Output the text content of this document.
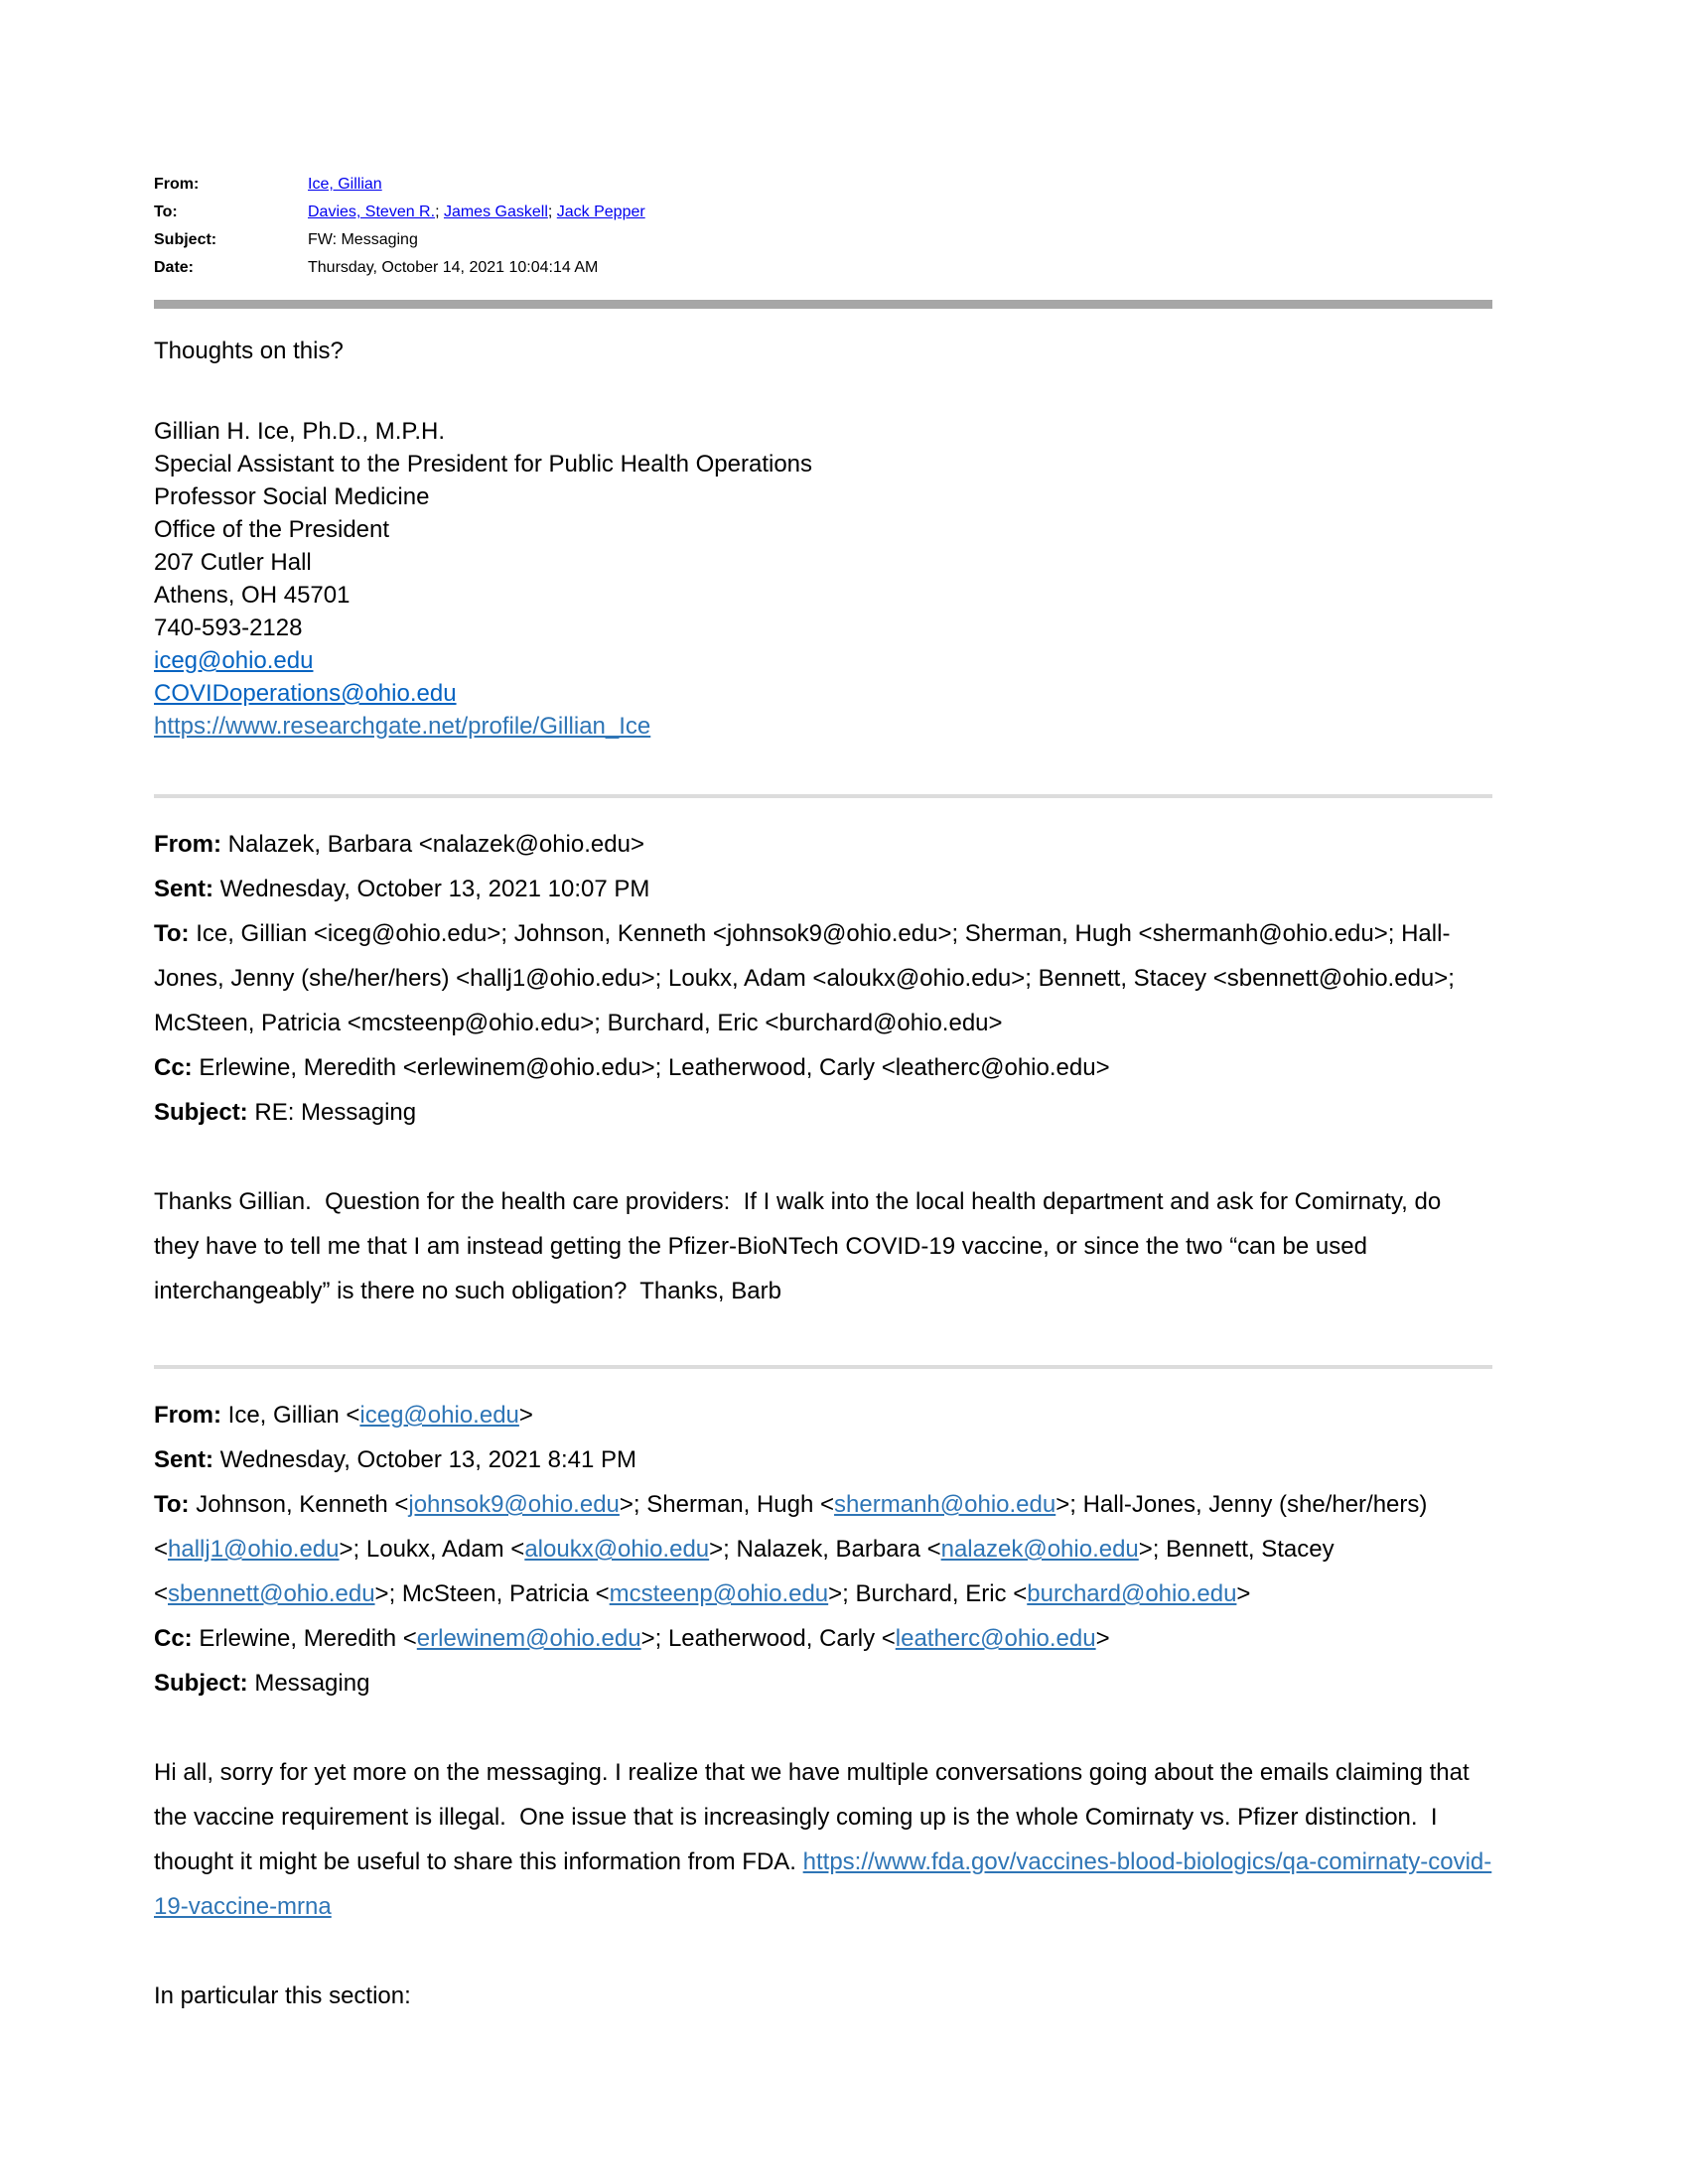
From:	Ice, Gillian
To:	Davies, Steven R.; James Gaskell; Jack Pepper
Subject:	FW: Messaging
Date:	Thursday, October 14, 2021 10:04:14 AM
Thoughts on this?
Gillian H. Ice, Ph.D., M.P.H.
Special Assistant to the President for Public Health Operations
Professor Social Medicine
Office of the President
207 Cutler Hall
Athens, OH 45701
740-593-2128
iceg@ohio.edu
COVIDoperations@ohio.edu
https://www.researchgate.net/profile/Gillian_Ice
From: Nalazek, Barbara <nalazek@ohio.edu>
Sent: Wednesday, October 13, 2021 10:07 PM
To: Ice, Gillian <iceg@ohio.edu>; Johnson, Kenneth <johnsok9@ohio.edu>; Sherman, Hugh <shermanh@ohio.edu>; Hall-Jones, Jenny (she/her/hers) <hallj1@ohio.edu>; Loukx, Adam <aloukx@ohio.edu>; Bennett, Stacey <sbennett@ohio.edu>; McSteen, Patricia <mcsteenp@ohio.edu>; Burchard, Eric <burchard@ohio.edu>
Cc: Erlewine, Meredith <erlewinem@ohio.edu>; Leatherwood, Carly <leatherc@ohio.edu>
Subject: RE: Messaging
Thanks Gillian.  Question for the health care providers:  If I walk into the local health department and ask for Comirnaty, do they have to tell me that I am instead getting the Pfizer-BioNTech COVID-19 vaccine, or since the two “can be used interchangeably” is there no such obligation?  Thanks, Barb
From: Ice, Gillian <iceg@ohio.edu>
Sent: Wednesday, October 13, 2021 8:41 PM
To: Johnson, Kenneth <johnsok9@ohio.edu>; Sherman, Hugh <shermanh@ohio.edu>; Hall-Jones, Jenny (she/her/hers) <hallj1@ohio.edu>; Loukx, Adam <aloukx@ohio.edu>; Nalazek, Barbara <nalazek@ohio.edu>; Bennett, Stacey <sbennett@ohio.edu>; McSteen, Patricia <mcsteenp@ohio.edu>; Burchard, Eric <burchard@ohio.edu>
Cc: Erlewine, Meredith <erlewinem@ohio.edu>; Leatherwood, Carly <leatherc@ohio.edu>
Subject: Messaging
Hi all, sorry for yet more on the messaging. I realize that we have multiple conversations going about the emails claiming that the vaccine requirement is illegal.  One issue that is increasingly coming up is the whole Comirnaty vs. Pfizer distinction.  I thought it might be useful to share this information from FDA. https://www.fda.gov/vaccines-blood-biologics/qa-comirnaty-covid-19-vaccine-mrna
In particular this section:
